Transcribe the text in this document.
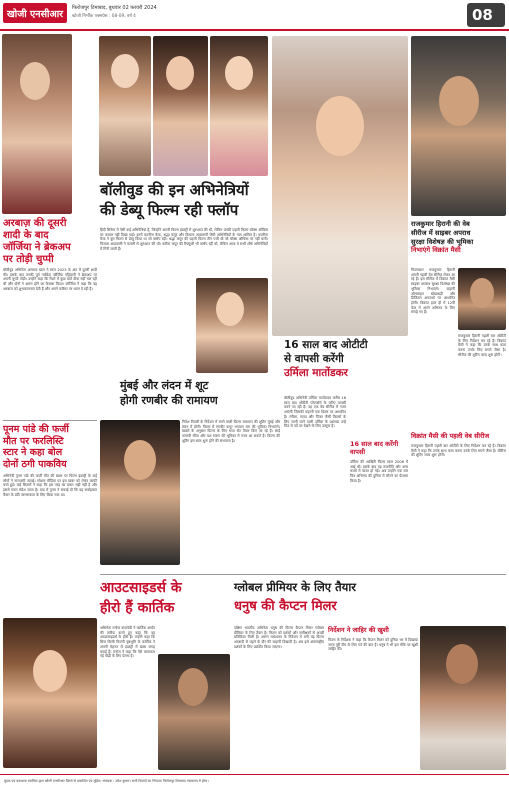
खोजी एनसीआर
फिरोजपुर टिमाबाद, बुधवार 02 फरवरी 2024
खोजी निर्भीक एक्सप्रेस : 08-09, वर्ष 4	08
अरबाज़ की दूसरी
शादी के बाद
जॉर्जिया ने ब्रेकअप
पर तोड़ी चुप्पी
बॉलीवुड अभिनेता अरबाज खान ने साल 2023 के अंत में दूसरी शादी की। इसके बाद उनकी पूर्व गर्लफ्रेंड जॉर्जिया एंड्रियानी ने ब्रेकअप पर अपनी चुप्पी तोड़ी। उन्होंने कहा कि रिश्ते में कुछ बातें ठीक नहीं चल रही थीं और दोनों ने अलग होने का फैसला किया। जॉर्जिया ने कहा कि वह अरबाज को शुभकामनाएं देती हैं और अपने करियर पर ध्यान दे रही हैं।
पूनम पांडे की फर्जी
मौत पर फरलिस्टि
स्टार ने कहा बोल
दोनों ठगी पाकविय
अभिनेत्री पूनम पांडे की फर्जी मौत की खबर पर फिल्म इंडस्ट्री के कई लोगों ने नाराजगी जताई। सोशल मीडिया पर इस खबर को लेकर काफी चर्चा हुई। कई सितारों ने कहा कि इस तरह का प्रचार सही नहीं है और इससे गलत संदेश जाता है। बाद में पूनम ने सफाई दी कि यह सर्वाइकल कैंसर के प्रति जागरूकता के लिए किया गया था।
बॉलीवुड की इन अभिनेत्रियों
की डेब्यू फिल्म रही फ्लॉप
हिंदी सिनेमा में ऐसी कई अभिनेत्रियां हैं, जिन्होंने अपनी फिल्म इंडस्ट्री में शुरुआत की थी, लेकिन उनकी पहली फिल्म बॉक्स ऑफिस पर कमाल नहीं दिखा पाई। इनमें कटरीना कैफ, श्रद्धा कपूर और कियारा आडवाणी जैसी अभिनेत्रियों के नाम शामिल हैं। कटरीना कैफ ने बूम फिल्म से डेब्यू किया था जो फ्लॉप रही। श्रद्धा कपूर की पहली फिल्म तीन पत्ती थी जो बॉक्स ऑफिस पर नहीं चली। कियारा आडवाणी ने फगली से शुरुआत की थी। करीना कपूर की रिफ्यूजी भी फ्लॉप रही थी, लेकिन आज ये सभी शीर्ष अभिनेत्रियों में गिनी जाती हैं।
16 साल बाद ओटीटी
से वापसी करेंगी
उर्मिला मातोंडकर
बॉलीवुड अभिनेत्री उर्मिला मातोंडकर करीब 16 साल बाद ओटीटी प्लेटफॉर्म के जरिए वापसी करने जा रही हैं। वह एक वेब सीरीज में नजर आएंगी जिसकी कहानी एक थ्रिलर पर आधारित है। रंगीला, सत्या और पिंजर जैसी फिल्मों के लिए जानी जाने वाली उर्मिला के प्रशंसक उन्हें फिर से पर्दे पर देखने के लिए उत्सुक हैं।
16 साल बाद करेंगी वापसी
उर्मिला की आखिरी फिल्म साल 2008 में आई थी। इसके बाद वह राजनीति और अन्य कामों में व्यस्त हो गईं। अब उन्होंने एक बार फिर अभिनय की दुनिया में लौटने का फैसला किया है।
मुंबई और लंदन में शूट
होगी रणबीर की रामायण
नितेश तिवारी के निर्देशन में बनने वाली फिल्म रामायण की शूटिंग मुंबई और लंदन में होगी। फिल्म में रणबीर कपूर भगवान राम की भूमिका निभाएंगे। खबरों के अनुसार फिल्म के लिए भव्य सेट तैयार किए जा रहे हैं। साईं पल्लवी सीता और यश रावण की भूमिका में नजर आ सकते हैं। फिल्म की शूटिंग इस साल शुरू होने की संभावना है।
राजकुमार हिरानी की वेब
सीरीज में साइबर अपराध
सुरक्षा विशेषज्ञ की भूमिका
निभाएंगे विक्रांत मैसी
फिल्मकार राजकुमार हिरानी अपनी पहली वेब सीरीज लेकर आ रहे हैं। इस सीरीज में विक्रांत मैसी साइबर अपराध सुरक्षा विशेषज्ञ की भूमिका निभाएंगे। कहानी ऑनलाइन धोखाधड़ी और डिजिटल अपराधों पर आधारित होगी। विक्रांत हाल ही में 12वीं फेल में अपने अभिनय के लिए सराहे गए हैं।
राजकुमार हिरानी पहली बार ओटीटी के लिए निर्देशन कर रहे हैं। विक्रांत मैसी ने कहा कि उनके साथ काम करना उनके लिए सपने जैसा है। सीरीज की शूटिंग जल्द शुरू होगी।
विक्रांत मैसी की पहली वेब सीरीज
राजकुमार हिरानी पहली बार ओटीटी के लिए निर्देशन कर रहे हैं। विक्रांत मैसी ने कहा कि उनके साथ काम करना उनके लिए सपने जैसा है। सीरीज की शूटिंग जल्द शुरू होगी।
आउटसाइडर्स के
हीरो हैं कार्तिक
अभिनेता मनोज बाजपेयी ने कार्तिक आर्यन की तारीफ करते हुए कहा कि वह आउटसाइडर्स के हीरो हैं। उन्होंने कहा कि बिना किसी फिल्मी पृष्ठभूमि के कार्तिक ने अपनी मेहनत से इंडस्ट्री में खास जगह बनाई है। मनोज ने कहा कि ऐसे कलाकार नई पीढ़ी के लिए प्रेरणा हैं।
ग्लोबल प्रीमियर के लिए तैयार
धनुष की कैप्टन मिलर
दक्षिण भारतीय अभिनेता धनुष की फिल्म कैप्टन मिलर ग्लोबल प्रीमियर के लिए तैयार है। फिल्म को दर्शकों और समीक्षकों से अच्छी प्रतिक्रिया मिली है। अरुण मथेश्वरन के निर्देशन में बनी यह फिल्म आजादी से पहले के दौर की कहानी दिखाती है। अब इसे अंतरराष्ट्रीय दर्शकों के लिए प्रदर्शित किया जाएगा।
निर्देशन ने जाहिर की खुशी
फिल्म के निर्देशक ने कहा कि कैप्टन मिलर को दुनिया भर में दिखाया जाना पूरी टीम के लिए गर्व की बात है। धनुष ने भी इस मौके पर खुशी जाहिर की।
मुद्रक एवं प्रकाशक स्वामित्व द्वारा खोजी एनसीआर प्रिंटर्स से प्रकाशित एवं मुद्रित। संपादक : उमेश कुमार। सभी विवादों का निपटारा फिरोजपुर टिमाबाद न्यायालय में होगा।
